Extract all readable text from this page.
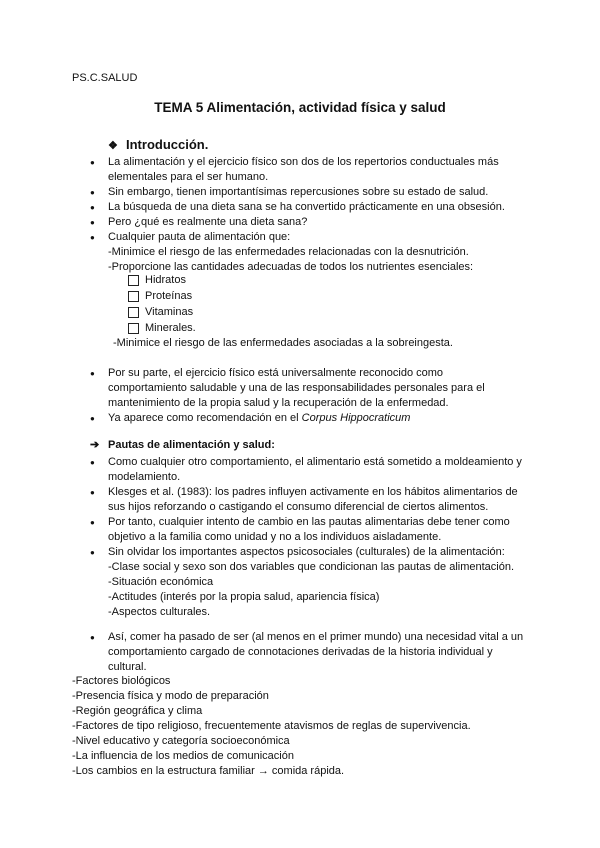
PS.C.SALUD
TEMA 5 Alimentación, actividad física y salud
❖ Introducción.
● La alimentación y el ejercicio físico son dos de los repertorios conductuales más
elementales para el ser humano.
● Sin embargo, tienen importantísimas repercusiones sobre su estado de salud.
● La búsqueda de una dieta sana se ha convertido prácticamente en una obsesión.
● Pero ¿qué es realmente una dieta sana?
● Cualquier pauta de alimentación que:
-Minimice el riesgo de las enfermedades relacionadas con la desnutrición.
-Proporcione las cantidades adecuadas de todos los nutrientes esenciales:
Hidratos
Proteínas
Vitaminas
Minerales.
-Minimice el riesgo de las enfermedades asociadas a la sobreingesta.
● Por su parte, el ejercicio físico está universalmente reconocido como
comportamiento saludable y una de las responsabilidades personales para el
mantenimiento de la propia salud y la recuperación de la enfermedad.
● Ya aparece como recomendación en el Corpus Hippocraticum
➔ Pautas de alimentación y salud:
● Como cualquier otro comportamiento, el alimentario está sometido a moldeamiento y
modelamiento.
● Klesges et al. (1983): los padres influyen activamente en los hábitos alimentarios de
sus hijos reforzando o castigando el consumo diferencial de ciertos alimentos.
● Por tanto, cualquier intento de cambio en las pautas alimentarias debe tener como
objetivo a la familia como unidad y no a los individuos aisladamente.
● Sin olvidar los importantes aspectos psicosociales (culturales) de la alimentación:
-Clase social y sexo son dos variables que condicionan las pautas de alimentación.
-Situación económica
-Actitudes (interés por la propia salud, apariencia física)
-Aspectos culturales.
● Así, comer ha pasado de ser (al menos en el primer mundo) una necesidad vital a un
comportamiento cargado de connotaciones derivadas de la historia individual y
cultural.
-Factores biológicos
-Presencia física y modo de preparación
-Región geográfica y clima
-Factores de tipo religioso, frecuentemente atavismos de reglas de supervivencia.
-Nivel educativo y categoría socioeconómica
-La influencia de los medios de comunicación
-Los cambios en la estructura familiar → comida rápida.
